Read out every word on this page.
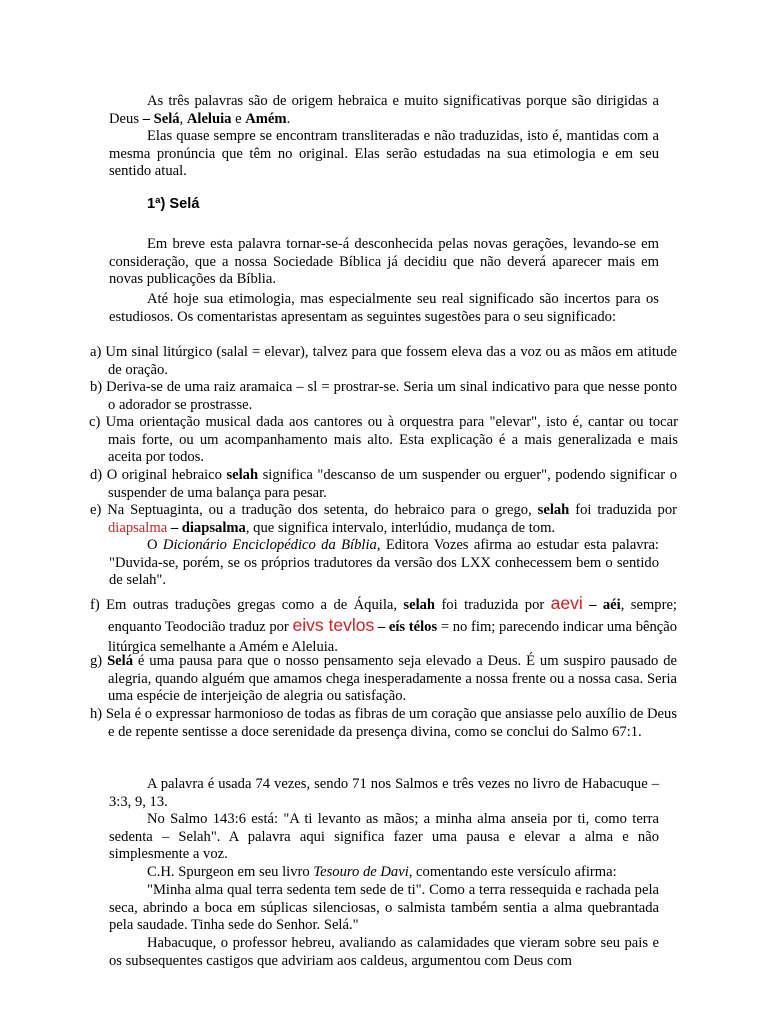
As três palavras são de origem hebraica e muito significativas porque são dirigidas a Deus – Selá, Aleluia e Amém.

Elas quase sempre se encontram transliteradas e não traduzidas, isto é, mantidas com a mesma pronúncia que têm no original. Elas serão estudadas na sua etimologia e em seu sentido atual.

1ª) Selá

Em breve esta palavra tornar-se-á desconhecida pelas novas gerações, levando-se em consideração, que a nossa Sociedade Bíblica já decidiu que não deverá aparecer mais em novas publicações da Bíblia.

Até hoje sua etimologia, mas especialmente seu real significado são incertos para os estudiosos. Os comentaristas apresentam as seguintes sugestões para o seu significado:

a) Um sinal litúrgico (salal = elevar), talvez para que fossem eleva das a voz ou as mãos em atitude de oração.

b) Deriva-se de uma raiz aramaica – sl = prostrar-se. Seria um sinal indicativo para que nesse ponto o adorador se prostrasse.

c) Uma orientação musical dada aos cantores ou à orquestra para "elevar", isto é, cantar ou tocar mais forte, ou um acompanhamento mais alto. Esta explicação é a mais generalizada e mais aceita por todos.

d) O original hebraico selah significa "descanso de um suspender ou erguer", podendo significar o suspender de uma balança para pesar.

e) Na Septuaginta, ou a tradução dos setenta, do hebraico para o grego, selah foi traduzida por diapsalma – diapsalma, que significa intervalo, interlúdio, mudança de tom.

O Dicionário Enciclopédico da Bíblia, Editora Vozes afirma ao estudar esta palavra: "Duvida-se, porém, se os próprios tradutores da versão dos LXX conhecessem bem o sentido de selah".

f) Em outras traduções gregas como a de Áquila, selah foi traduzida por aevi – aéi, sempre; enquanto Teodocião traduz por eivs tevlos – eís télos = no fim; parecendo indicar uma bênção litúrgica semelhante a Amém e Aleluia.

g) Selá é uma pausa para que o nosso pensamento seja elevado a Deus. É um suspiro pausado de alegria, quando alguém que amamos chega inesperadamente a nossa frente ou a nossa casa. Seria uma espécie de interjeição de alegria ou satisfação.

h) Sela é o expressar harmonioso de todas as fibras de um coração que ansiasse pelo auxílio de Deus e de repente sentisse a doce serenidade da presença divina, como se conclui do Salmo 67:1.

A palavra é usada 74 vezes, sendo 71 nos Salmos e três vezes no livro de Habacuque – 3:3, 9, 13.

No Salmo 143:6 está: "A ti levanto as mãos; a minha alma anseia por ti, como terra sedenta – Selah". A palavra aqui significa fazer uma pausa e elevar a alma e não simplesmente a voz.

C.H. Spurgeon em seu livro Tesouro de Davi, comentando este versículo afirma:

"Minha alma qual terra sedenta tem sede de ti". Como a terra ressequida e rachada pela seca, abrindo a boca em súplicas silenciosas, o salmista também sentia a alma quebrantada pela saudade. Tinha sede do Senhor. Selá."

Habacuque, o professor hebreu, avaliando as calamidades que vieram sobre seu pais e os subsequentes castigos que adviriam aos caldeus, argumentou com Deus com
